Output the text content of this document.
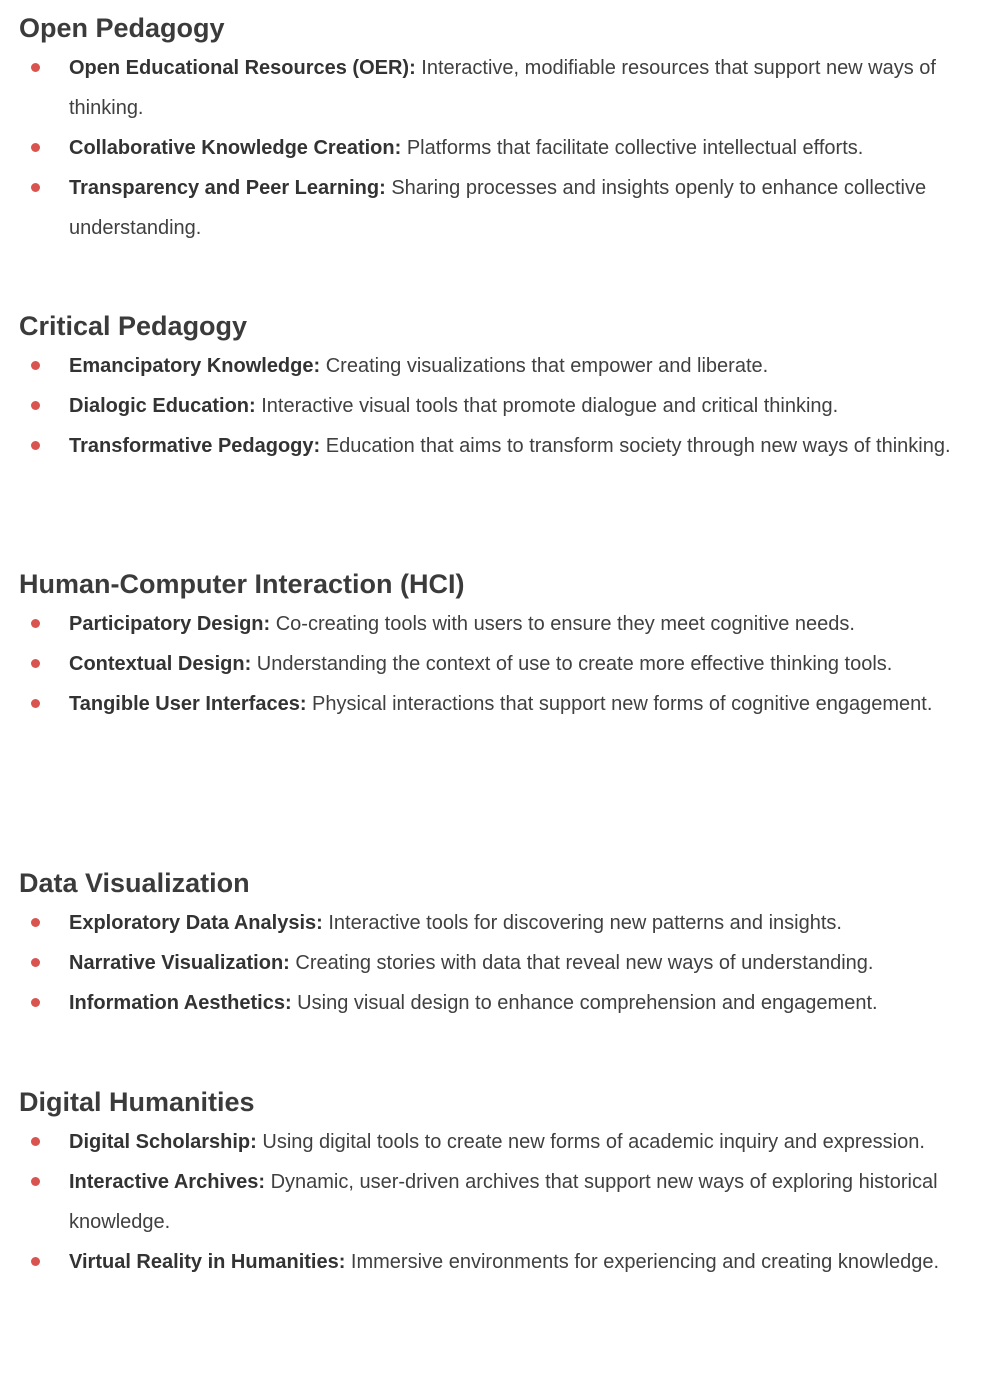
Open Pedagogy
Open Educational Resources (OER): Interactive, modifiable resources that support new ways of thinking.
Collaborative Knowledge Creation: Platforms that facilitate collective intellectual efforts.
Transparency and Peer Learning: Sharing processes and insights openly to enhance collective understanding.
Critical Pedagogy
Emancipatory Knowledge: Creating visualizations that empower and liberate.
Dialogic Education: Interactive visual tools that promote dialogue and critical thinking.
Transformative Pedagogy: Education that aims to transform society through new ways of thinking.
Human-Computer Interaction (HCI)
Participatory Design: Co-creating tools with users to ensure they meet cognitive needs.
Contextual Design: Understanding the context of use to create more effective thinking tools.
Tangible User Interfaces: Physical interactions that support new forms of cognitive engagement.
Data Visualization
Exploratory Data Analysis: Interactive tools for discovering new patterns and insights.
Narrative Visualization: Creating stories with data that reveal new ways of understanding.
Information Aesthetics: Using visual design to enhance comprehension and engagement.
Digital Humanities
Digital Scholarship: Using digital tools to create new forms of academic inquiry and expression.
Interactive Archives: Dynamic, user-driven archives that support new ways of exploring historical knowledge.
Virtual Reality in Humanities: Immersive environments for experiencing and creating knowledge.
